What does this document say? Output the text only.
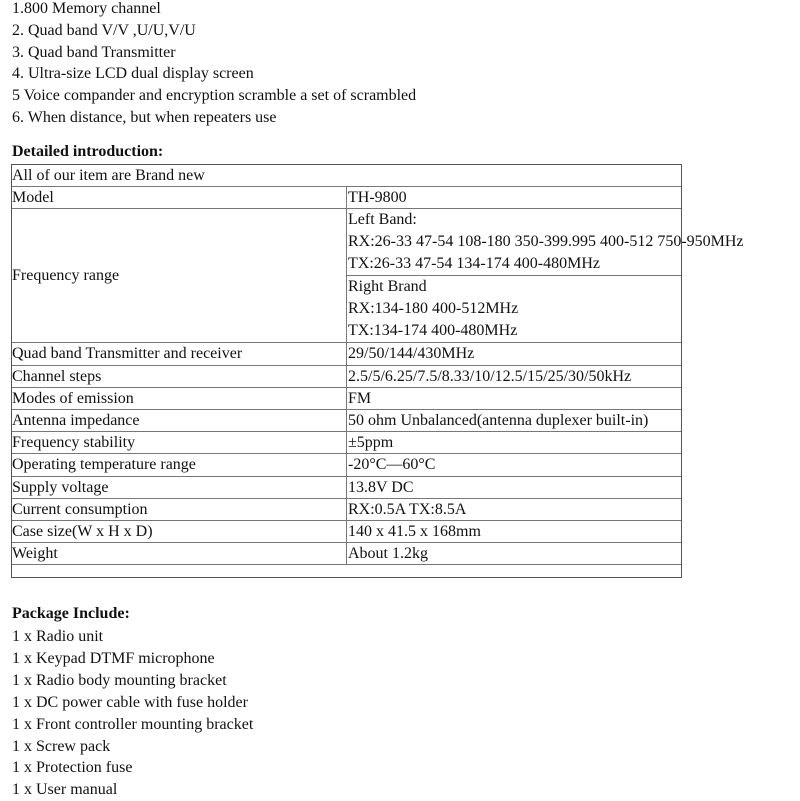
1.800 Memory channel
2. Quad band V/V ,U/U,V/U
3. Quad band Transmitter
4. Ultra-size LCD dual display screen
5 Voice compander and encryption scramble a set of scrambled
6. When distance, but when repeaters use
Detailed introduction:
All of our item are Brand new	
Model	TH-9800
Frequency range	Left Band:
RX:26-33 47-54 108-180 350-399.995 400-512 750-950MHz
TX:26-33 47-54 134-174 400-480MHz

	Right Brand
RX:134-180 400-512MHz
TX:134-174 400-480MHz

Quad band Transmitter and receiver	29/50/144/430MHz
Channel steps	2.5/5/6.25/7.5/8.33/10/12.5/15/25/30/50kHz
Modes of emission	FM
Antenna impedance	50 ohm Unbalanced(antenna duplexer built-in)
Frequency stability	±5ppm
Operating temperature range	-20°C—60°C
Supply voltage	13.8V DC
Current consumption	RX:0.5A TX:8.5A
Case size(W x H x D)	140 x 41.5 x 168mm
Weight	About 1.2kg
Package Include:
1 x Radio unit
1 x Keypad DTMF microphone
1 x Radio body mounting bracket
1 x DC power cable with fuse holder
1 x Front controller mounting bracket
1 x Screw pack
1 x Protection fuse
1 x User manual
